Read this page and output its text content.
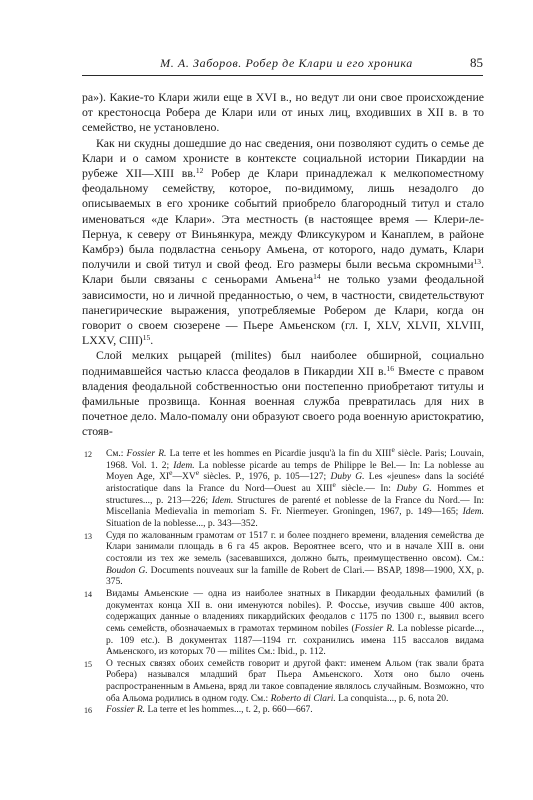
М. А. Заборов. Робер де Клари и его хроника	85

ра»). Какие-то Клари жили еще в XVI в., но ведут ли они свое происхождение от крестоносца Робера де Клари или от иных лиц, входивших в XII в. в то семейство, не установлено.

Как ни скудны дошедшие до нас сведения, они позволяют судить о семье де Клари и о самом хронисте в контексте социальной истории Пикардии на рубеже XII—XIII вв.$^{12}$ Робер де Клари принадлежал к мелкопоместному феодальному семейству, которое, по-видимому, лишь незадолго до описываемых в его хронике событий приобрело благородный титул и стало именоваться «де Клари». Эта местность (в настоящее время — Клери-ле-Пернуа, к северу от Виньянкура, между Фликсукуром и Канаплем, в районе Камбрэ) была подвластна сеньору Амьена, от которого, надо думать, Клари получили и свой титул и свой феод. Его размеры были весьма скромными$^{13}$. Клари были связаны с сеньорами Амьена$^{14}$ не только узами феодальной зависимости, но и личной преданностью, о чем, в частности, свидетельствуют панегирические выражения, употребляемые Робером де Клари, когда он говорит о своем сюзерене — Пьере Амьенском (гл. I, XLV, XLVII, XLVIII, LXXV, CIII)$^{15}$.

Слой мелких рыцарей (milites) был наиболее обширной, социально поднимавшейся частью класса феодалов в Пикардии XII в.$^{16}$ Вместе с правом владения феодальной собственностью они постепенно приобретают титулы и фамильные прозвища. Конная военная служба превратилась для них в почетное дело. Мало-помалу они образуют своего рода военную аристократию, стояв-

12	См.: Fossier R. La terre et les hommes en Picardie jusqu'à la fin du XIIIe siècle. Paris; Louvain, 1968. Vol. 1. 2; Idem. La noblesse picarde au temps de Philippe le Bel.— In: La noblesse au Moyen Age, XIe—XVe siècles. P., 1976, p. 105—127; Duby G. Les «jeunes» dans la société aristocratique dans la France du Nord—Ouest au XIIIe siècle.— In: Duby G. Hommes et structures..., p. 213—226; Idem. Structures de parenté et noblesse de la France du Nord.— In: Miscellania Medievalia in memoriam S. Fr. Niermeyer. Groningen, 1967, p. 149—165; Idem. Situation de la noblesse..., p. 343—352.
13	Судя по жалованным грамотам от 1517 г. и более позднего времени, владения семейства де Клари занимали площадь в 6 га 45 акров. Вероятнее всего, что и в начале XIII в. они состояли из тех же земель (засевавшихся, должно быть, преимущественно овсом). См.: Boudon G. Documents nouveaux sur la famille de Robert de Clari.— BSAP, 1898—1900, XX, p. 375.
14	Видамы Амьенские — одна из наиболее знатных в Пикардии феодальных фамилий (в документах конца XII в. они именуются nobiles). Р. Фоссье, изучив свыше 400 актов, содержащих данные о владениях пикардийских феодалов с 1175 по 1300 г., выявил всего семь семейств, обозначаемых в грамотах термином nobiles (Fossier R. La noblesse picarde..., p. 109 etc.). В документах 1187—1194 гг. сохранились имена 115 вассалов видама Амьенского, из которых 70 — milites См.: Ibid., p. 112.
15	О тесных связях обоих семейств говорит и другой факт: именем Альом (так звали брата Робера) назывался младший брат Пьера Амьенского. Хотя оно было очень распространенным в Амьена, вряд ли такое совпадение являлось случайным. Возможно, что оба Альома родились в одном году. См.: Roberto di Clari. La conquista..., p. 6, nota 20.
16	Fossier R. La terre et les hommes..., t. 2, p. 660—667.
